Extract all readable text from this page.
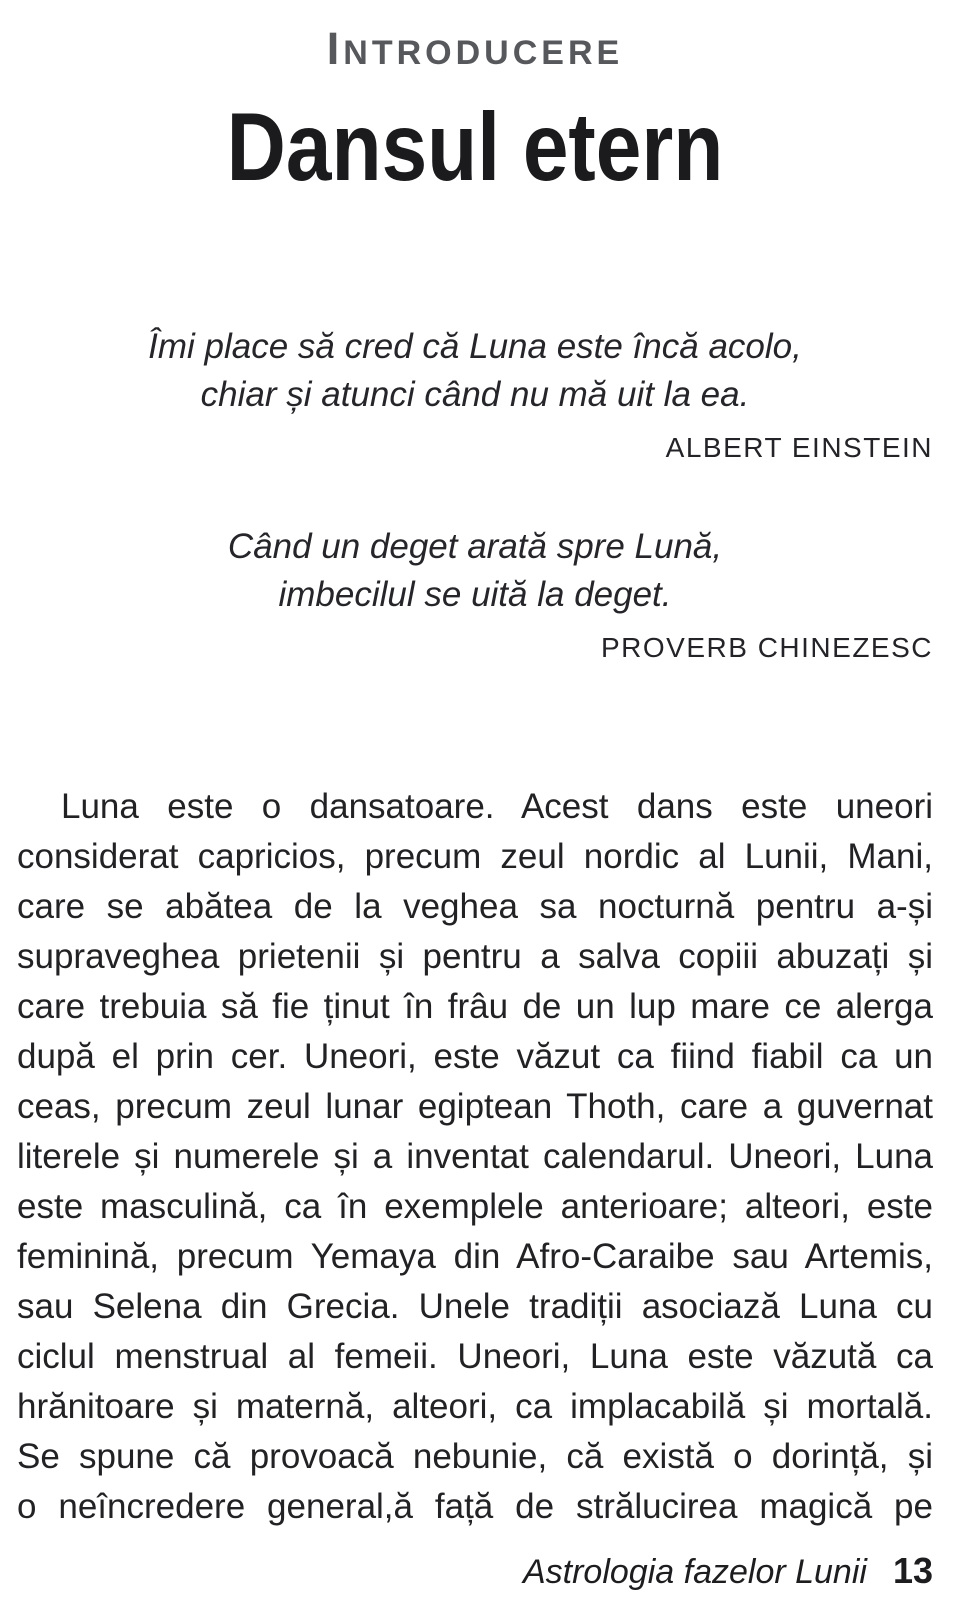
INTRODUCERE
Dansul etern
Îmi place să cred că Luna este încă acolo,
chiar și atunci când nu mă uit la ea.
ALBERT EINSTEIN
Când un deget arată spre Lună,
imbecilul se uită la deget.
PROVERB CHINEZESC
Luna este o dansatoare. Acest dans este uneori
considerat capricios, precum zeul nordic al Lunii, Mani,
care se abătea de la veghea sa nocturnă pentru a-și
supraveghea prietenii și pentru a salva copiii abuzați și
care trebuia să fie ținut în frâu de un lup mare ce alerga
după el prin cer. Uneori, este văzut ca fiind fiabil ca un
ceas, precum zeul lunar egiptean Thoth, care a guvernat
literele și numerele și a inventat calendarul. Uneori, Luna
este masculină, ca în exemplele anterioare; alteori, este
feminină, precum Yemaya din Afro-Caraibe sau Artemis,
sau Selena din Grecia. Unele tradiții asociază Luna cu
ciclul menstrual al femeii. Uneori, Luna este văzută ca
hrănitoare și maternă, alteori, ca implacabilă și mortală.
Se spune că provoacă nebunie, că există o dorință, și
o neîncredere general,ă față de strălucirea magică pe
Astrologia fazelor Lunii 13
